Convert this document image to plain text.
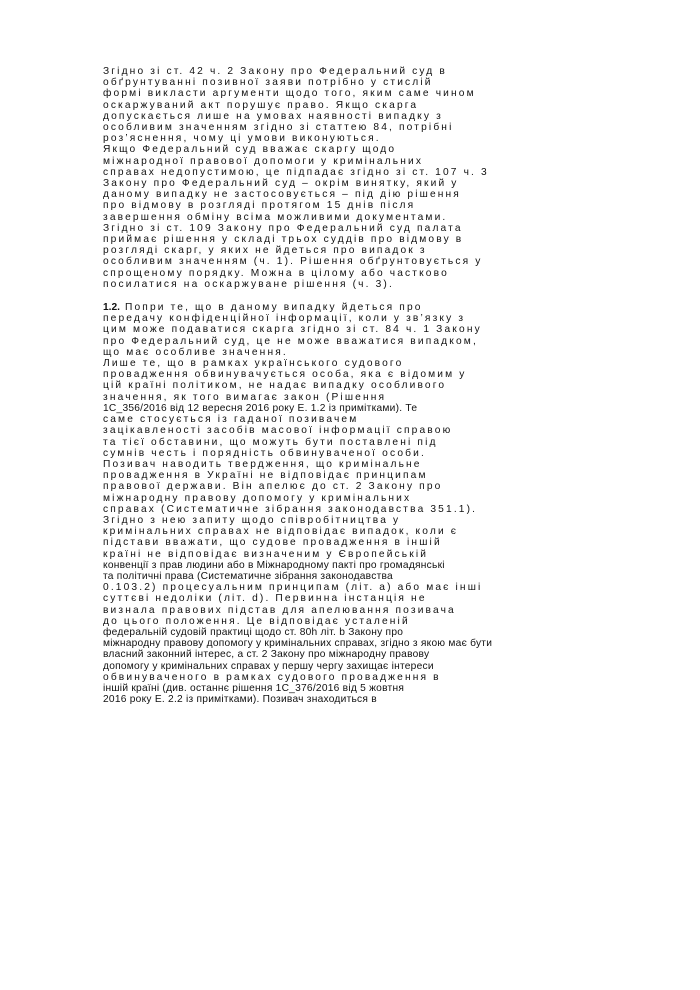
Згідно зі ст. 42 ч. 2 Закону про Федеральний суд в
обґрунтуванні позивної заяви потрібно у стислій
формі викласти аргументи щодо того, яким саме чином
оскаржуваний акт порушує право. Якщо скарга
допускається лише на умовах наявності випадку з
особливим значенням згідно зі статтею 84, потрібні
роз’яснення, чому ці умови виконуються.
Якщо Федеральний суд вважає скаргу щодо
міжнародної правової допомоги у кримінальних
справах недопустимою, це підпадає згідно зі ст. 107 ч. 3
Закону про Федеральний суд – окрім винятку, який у
даному випадку не застосовується – під дію рішення
про відмову в розгляді протягом 15 днів після
завершення обміну всіма можливими документами.
Згідно зі ст. 109 Закону про Федеральний суд палата
приймає рішення у складі трьох суддів про відмову в
розгляді скарг, у яких не йдеться про випадок з
особливим значенням (ч. 1). Рішення обґрунтовується у
спрощеному порядку. Можна в цілому або частково
посилатися на оскаржуване рішення (ч. 3).
1.2. Попри те, що в даному випадку йдеться про
передачу конфіденційної інформації, коли у зв’язку з
цим може подаватися скарга згідно зі ст. 84 ч. 1 Закону
про Федеральний суд, це не може вважатися випадком,
що має особливе значення.
Лише те, що в рамках українського судового
провадження обвинувачується особа, яка є відомим у
цій країні політиком, не надає випадку особливого
значення, як того вимагає закон (Рішення
1C_356/2016 від 12 вересня 2016 року Е. 1.2 із примітками). Те
саме стосується із гаданої позивачем
зацікавленості засобів масової інформації справою
та тієї обставини, що можуть бути поставлені під
сумнів честь і порядність обвинуваченої особи.
Позивач наводить твердження, що кримінальне
провадження в Україні не відповідає принципам
правової держави. Він апелює до ст. 2 Закону про
міжнародну правову допомогу у кримінальних
справах (Систематичне зібрання законодавства 351.1).
Згідно з нею запиту щодо співробітництва у
кримінальних справах не відповідає випадок, коли є
підстави вважати, що судове провадження в іншій
країні не відповідає визначеним у Європейській
конвенції з прав людини або в Міжнародному пакті про громадянські
та політичні права (Систематичне зібрання законодавства
0.103.2) процесуальним принципам (літ. а) або має інші
суттєві недоліки (літ. d). Первинна інстанція не
визнала правових підстав для апелювання позивача
до цього положення. Це відповідає усталеній
федеральній судовій практиці щодо ст. 80h літ. b Закону про
міжнародну правову допомогу у кримінальних справах, згідно з якою має бути
власний законний інтерес, а ст. 2 Закону про міжнародну правову
допомогу у кримінальних справах у першу чергу захищає інтереси
обвинуваченого в рамках судового провадження в
іншій країні (див. останнє рішення 1C_376/2016 від 5 жовтня
2016 року Е. 2.2 із примітками). Позивач знаходиться в
